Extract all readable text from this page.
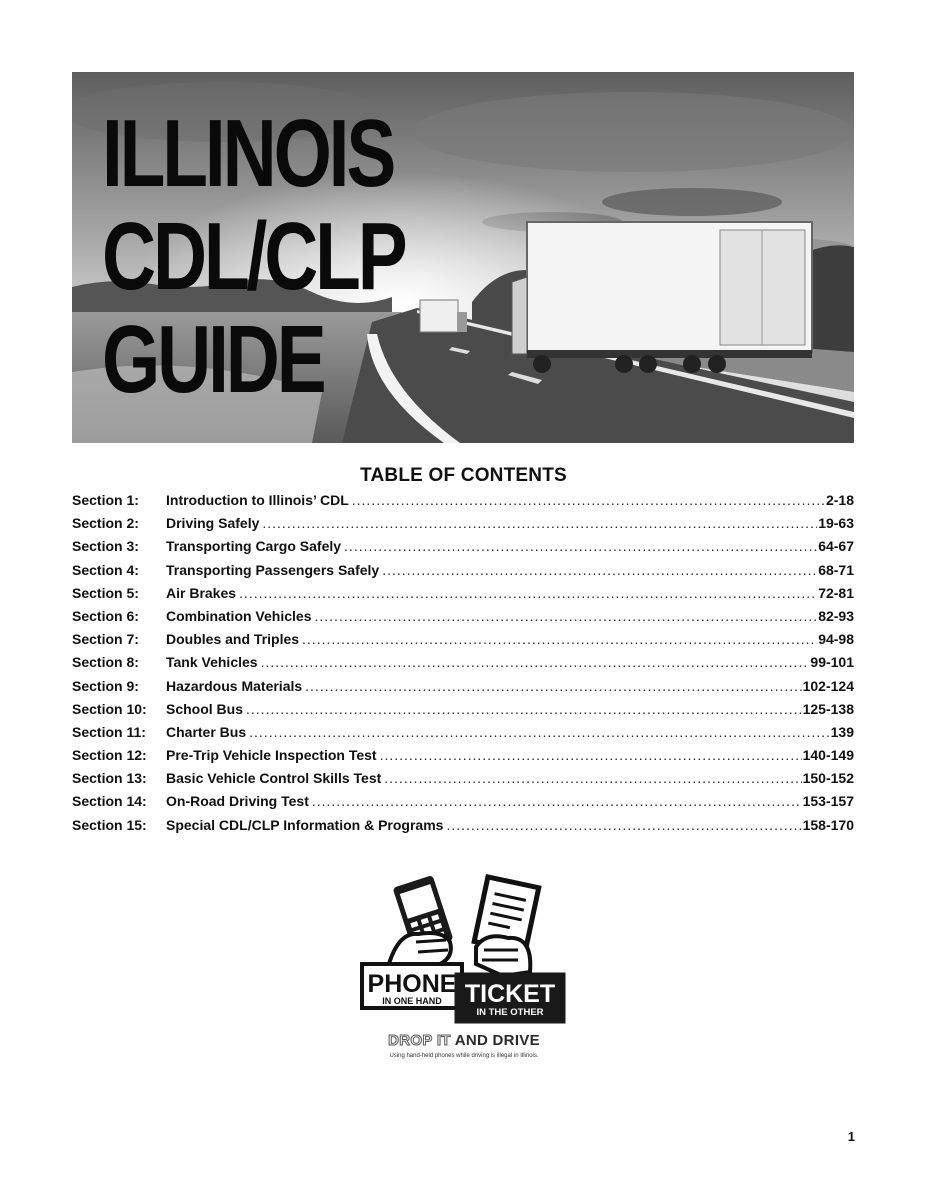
ILLINOIS
CDL/CLP
GUIDE
TABLE OF CONTENTS
Section 1:	Introduction to Illinois’ CDL .....	2-18
Section 2:	Driving Safely .....	19-63
Section 3:	Transporting Cargo Safely .....	64-67
Section 4:	Transporting Passengers Safely .....	68-71
Section 5:	Air Brakes .....	72-81
Section 6:	Combination Vehicles .....	82-93
Section 7:	Doubles and Triples .....	94-98
Section 8:	Tank Vehicles .....	99-101
Section 9:	Hazardous Materials .....	102-124
Section 10:	School Bus .....	125-138
Section 11:	Charter Bus .....	139
Section 12:	Pre-Trip Vehicle Inspection Test .....	140-149
Section 13:	Basic Vehicle Control Skills Test .....	150-152
Section 14:	On-Road Driving Test .....	153-157
Section 15:	Special CDL/CLP Information & Programs .....	158-170
PHONE
IN ONE HAND TICKET
IN THE OTHER
DROP IT AND DRIVE
Using hand-held phones while driving is illegal in Illinois.
1
